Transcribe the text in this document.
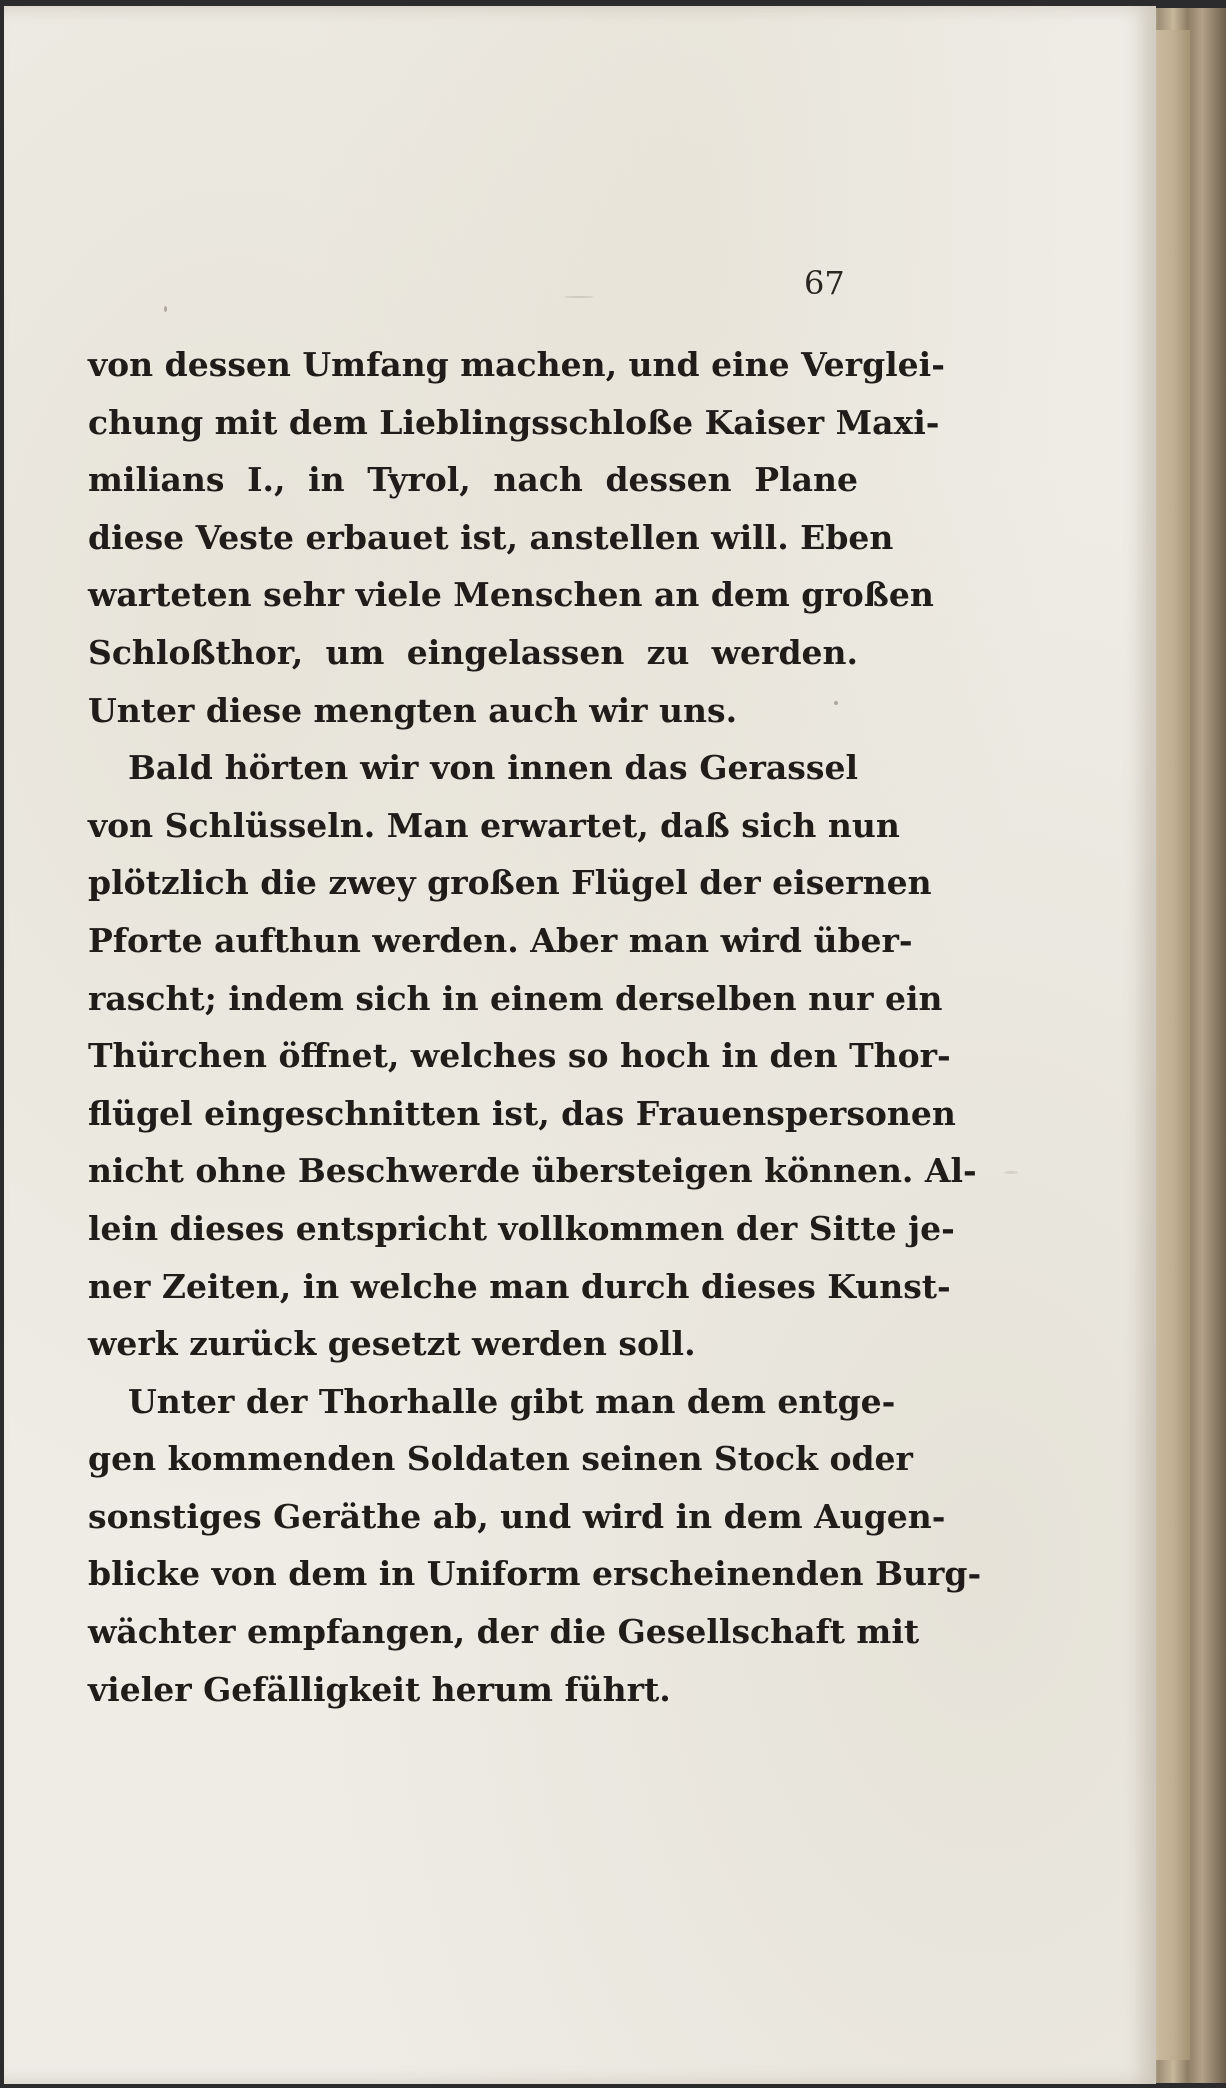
67
von dessen Umfang machen, und eine Verglei-
chung mit dem Lieblingsschloße Kaiser Maxi-
milians I., in Tyrol, nach dessen Plane
diese Veste erbauet ist, anstellen will. Eben
warteten sehr viele Menschen an dem großen
Schloßthor, um eingelassen zu werden.
Unter diese mengten auch wir uns.
Bald hörten wir von innen das Gerassel
von Schlüsseln. Man erwartet, daß sich nun
plötzlich die zwey großen Flügel der eisernen
Pforte aufthun werden. Aber man wird über-
rascht; indem sich in einem derselben nur ein
Thürchen öffnet, welches so hoch in den Thor-
flügel eingeschnitten ist, das Frauenspersonen
nicht ohne Beschwerde übersteigen können. Al-
lein dieses entspricht vollkommen der Sitte je-
ner Zeiten, in welche man durch dieses Kunst-
werk zurück gesetzt werden soll.
Unter der Thorhalle gibt man dem entge-
gen kommenden Soldaten seinen Stock oder
sonstiges Geräthe ab, und wird in dem Augen-
blicke von dem in Uniform erscheinenden Burg-
wächter empfangen, der die Gesellschaft mit
vieler Gefälligkeit herum führt.
